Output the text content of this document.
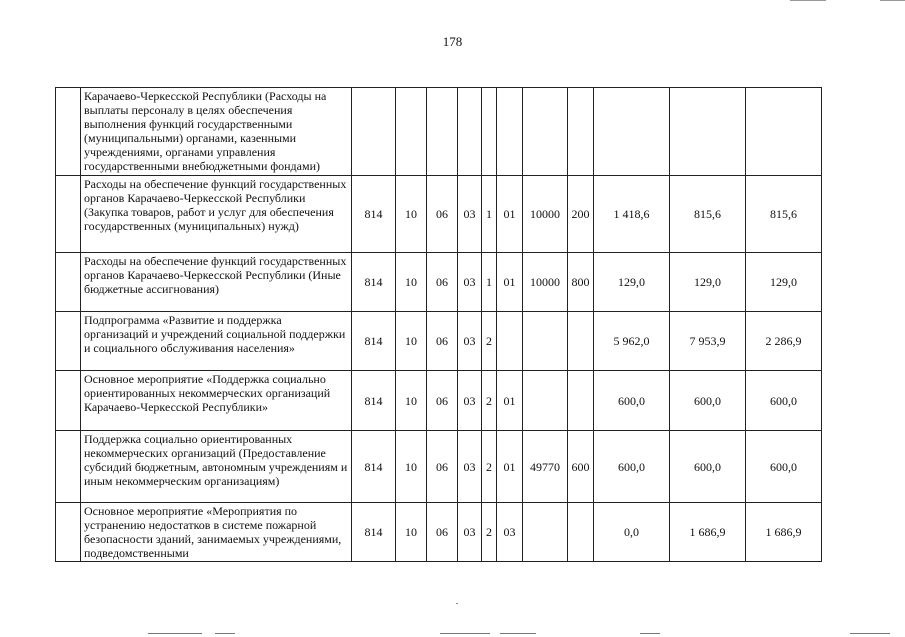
178
	Карачаево-Черкесской Республики (Расходы на выплаты персоналу в целях обеспечения выполнения функций государственными (муниципальными) органами, казенными учреждениями, органами управления государственными внебюджетными фондами)											
	Расходы на обеспечение функций государственных органов Карачаево-Черкесской Республики (Закупка товаров, работ и услуг для обеспечения государственных (муниципальных) нужд)	814	10	06	03	1	01	10000	200	1 418,6	815,6	815,6
	Расходы на обеспечение функций государственных органов Карачаево-Черкесской Республики (Иные бюджетные ассигнования)	814	10	06	03	1	01	10000	800	129,0	129,0	129,0
	Подпрограмма «Развитие и поддержка организаций и учреждений социальной поддержки и социального обслуживания населения»	814	10	06	03	2				5 962,0	7 953,9	2 286,9
	Основное мероприятие «Поддержка социально ориентированных некоммерческих организаций Карачаево-Черкесской Республики»	814	10	06	03	2	01			600,0	600,0	600,0
	Поддержка социально ориентированных некоммерческих организаций (Предоставление субсидий бюджетным, автономным учреждениям и иным некоммерческим организациям)	814	10	06	03	2	01	49770	600	600,0	600,0	600,0
	Основное мероприятие «Мероприятия по устранению недостатков в системе пожарной безопасности зданий, занимаемых учреждениями, подведомственными	814	10	06	03	2	03			0,0	1 686,9	1 686,9
